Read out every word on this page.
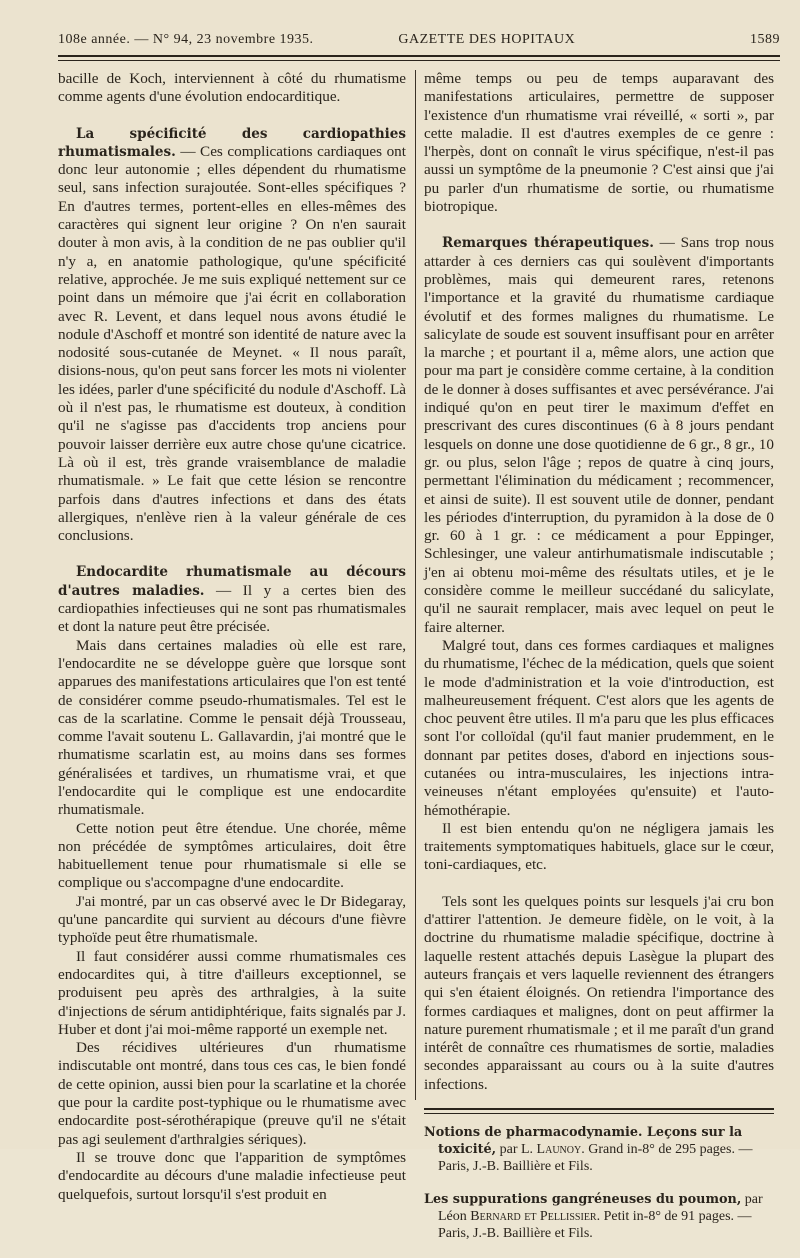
108e année. — N° 94, 23 novembre 1935.	GAZETTE DES HOPITAUX	1589

bacille de Koch, interviennent à côté du rhumatisme comme agents d'une évolution endocarditique.

La spécificité des cardiopathies rhumatismales. — Ces complications cardiaques ont donc leur autonomie ; elles dépendent du rhumatisme seul, sans infection surajoutée. Sont-elles spécifiques ? En d'autres termes, portent-elles en elles-mêmes des caractères qui signent leur origine ? On n'en saurait douter à mon avis, à la condition de ne pas oublier qu'il n'y a, en anatomie pathologique, qu'une spécificité relative, approchée. Je me suis expliqué nettement sur ce point dans un mémoire que j'ai écrit en collaboration avec R. Levent, et dans lequel nous avons étudié le nodule d'Aschoff et montré son identité de nature avec la nodosité sous-cutanée de Meynet. « Il nous paraît, disions-nous, qu'on peut sans forcer les mots ni violenter les idées, parler d'une spécificité du nodule d'Aschoff. Là où il n'est pas, le rhumatisme est douteux, à condition qu'il ne s'agisse pas d'accidents trop anciens pour pouvoir laisser derrière eux autre chose qu'une cicatrice. Là où il est, très grande vraisemblance de maladie rhumatismale. » Le fait que cette lésion se rencontre parfois dans d'autres infections et dans des états allergiques, n'enlève rien à la valeur générale de ces conclusions.

Endocardite rhumatismale au décours d'autres maladies. — Il y a certes bien des cardiopathies infectieuses qui ne sont pas rhumatismales et dont la nature peut être précisée.

Mais dans certaines maladies où elle est rare, l'endocardite ne se développe guère que lorsque sont apparues des manifestations articulaires que l'on est tenté de considérer comme pseudo-rhumatismales. Tel est le cas de la scarlatine. Comme le pensait déjà Trousseau, comme l'avait soutenu L. Gallavardin, j'ai montré que le rhumatisme scarlatin est, au moins dans ses formes généralisées et tardives, un rhumatisme vrai, et que l'endocardite qui le complique est une endocardite rhumatismale.

Cette notion peut être étendue. Une chorée, même non précédée de symptômes articulaires, doit être habituellement tenue pour rhumatismale si elle se complique ou s'accompagne d'une endocardite.

J'ai montré, par un cas observé avec le Dr Bidegaray, qu'une pancardite qui survient au décours d'une fièvre typhoïde peut être rhumatismale.

Il faut considérer aussi comme rhumatismales ces endocardites qui, à titre d'ailleurs exceptionnel, se produisent peu après des arthralgies, à la suite d'injections de sérum antidiphtérique, faits signalés par J. Huber et dont j'ai moi-même rapporté un exemple net.

Des récidives ultérieures d'un rhumatisme indiscutable ont montré, dans tous ces cas, le bien fondé de cette opinion, aussi bien pour la scarlatine et la chorée que pour la cardite post-typhique ou le rhumatisme avec endocardite post-sérothérapique (preuve qu'il ne s'était pas agi seulement d'arthralgies sériques).

Il se trouve donc que l'apparition de symptômes d'endocardite au décours d'une maladie infectieuse peut quelquefois, surtout lorsqu'il s'est produit en

même temps ou peu de temps auparavant des manifestations articulaires, permettre de supposer l'existence d'un rhumatisme vrai réveillé, « sorti », par cette maladie. Il est d'autres exemples de ce genre : l'herpès, dont on connaît le virus spécifique, n'est-il pas aussi un symptôme de la pneumonie ? C'est ainsi que j'ai pu parler d'un rhumatisme de sortie, ou rhumatisme biotropique.

Remarques thérapeutiques. — Sans trop nous attarder à ces derniers cas qui soulèvent d'importants problèmes, mais qui demeurent rares, retenons l'importance et la gravité du rhumatisme cardiaque évolutif et des formes malignes du rhumatisme. Le salicylate de soude est souvent insuffisant pour en arrêter la marche ; et pourtant il a, même alors, une action que pour ma part je considère comme certaine, à la condition de le donner à doses suffisantes et avec persévérance. J'ai indiqué qu'on en peut tirer le maximum d'effet en prescrivant des cures discontinues (6 à 8 jours pendant lesquels on donne une dose quotidienne de 6 gr., 8 gr., 10 gr. ou plus, selon l'âge ; repos de quatre à cinq jours, permettant l'élimination du médicament ; recommencer, et ainsi de suite). Il est souvent utile de donner, pendant les périodes d'interruption, du pyramidon à la dose de 0 gr. 60 à 1 gr. : ce médicament a pour Eppinger, Schlesinger, une valeur antirhumatismale indiscutable ; j'en ai obtenu moi-même des résultats utiles, et je le considère comme le meilleur succédané du salicylate, qu'il ne saurait remplacer, mais avec lequel on peut le faire alterner.

Malgré tout, dans ces formes cardiaques et malignes du rhumatisme, l'échec de la médication, quels que soient le mode d'administration et la voie d'introduction, est malheureusement fréquent. C'est alors que les agents de choc peuvent être utiles. Il m'a paru que les plus efficaces sont l'or colloïdal (qu'il faut manier prudemment, en le donnant par petites doses, d'abord en injections sous-cutanées ou intra-musculaires, les injections intra-veineuses n'étant employées qu'ensuite) et l'auto-hémothérapie.

Il est bien entendu qu'on ne négligera jamais les traitements symptomatiques habituels, glace sur le cœur, toni-cardiaques, etc.

Tels sont les quelques points sur lesquels j'ai cru bon d'attirer l'attention. Je demeure fidèle, on le voit, à la doctrine du rhumatisme maladie spécifique, doctrine à laquelle restent attachés depuis Lasègue la plupart des auteurs français et vers laquelle reviennent des étrangers qui s'en étaient éloignés. On retiendra l'importance des formes cardiaques et malignes, dont on peut affirmer la nature purement rhumatismale ; et il me paraît d'un grand intérêt de connaître ces rhumatismes de sortie, maladies secondes apparaissant au cours ou à la suite d'autres infections.

Notions de pharmacodynamie. Leçons sur la toxicité, par L. Launoy. Grand in-8° de 295 pages. — Paris, J.-B. Baillière et Fils.
Les suppurations gangréneuses du poumon, par Léon Bernard et Pellissier. Petit in-8° de 91 pages. — Paris, J.-B. Baillière et Fils.
